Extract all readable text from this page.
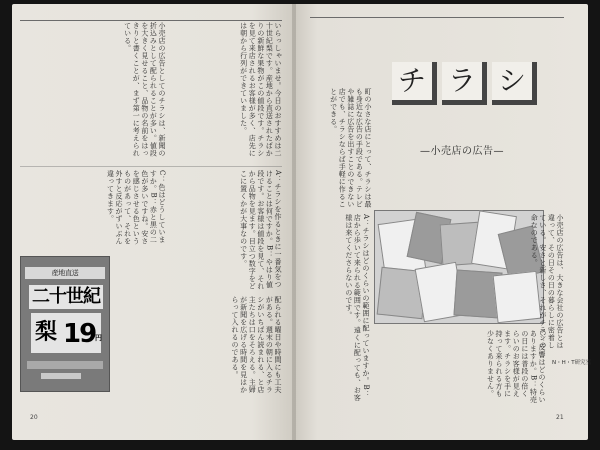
いらっしゃいませ。今日のおすすめは二十世紀梨です。産地から直送されたばかりの新鮮な果物がこの値段です。チラシを見て来店されるお客様が多く、店先には朝から行列ができていました。
小売店の広告としてのチラシは、新聞の折込みとして配られることが多い。値段を大きく見せること、品物の名前をはっきりと書くことが、まず第一に考えられている。
A：チラシを作るときに一番気をつけることは何ですか。B：やはり値段です。お客様は値段を見て、それから品物を見ます。目立つ数字をどこに置くかが大事なのです。
C：色はどうしていますか。B：赤と黒の二色が多いですね。安さを感じさせる色というものがあって、それを外すと反応がずいぶん違ってきます。
配られる曜日や時間にも工夫がある。週末の朝に入るチラシがいちばん読まれる、と店主たちは口をそろえる。主婦が新聞を広げる時間を見はからって入れるのである。
産地直送
二十世紀
梨 19 円
20
チ ラ シ
—小売店の広告—
町の小さな店にとって、チラシは最も身近な広告の手段である。テレビや雑誌に広告を出すことのできない店でも、チラシならば手軽に作ることができる。
A：チラシはどのくらいの範囲に配っていますか。B：店から歩いて来られる範囲です。遠くに配っても、お客様は来てくださらないのです。
C：反響はどのくらいありますか。B：特売の日には普段の倍くらいのお客様が見えます。チラシを手に持って来られる方も少なくありません。
小売店の広告は、大きな会社の広告とは違って、その日その日の暮らしに密着している。安さと新しさ、それがチラシの命なのである。
N・H・T研究室
21
